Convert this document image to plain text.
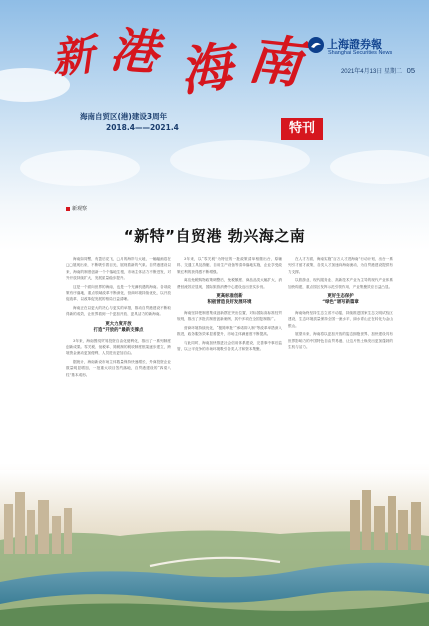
新 港 海 南 上海證券報
Shanghai Securities News
2021年4月13日 星期二 05
海南自贸区(港)建设3周年
2018.4——2021.4	特刊
新观察
“新特”自贸港 勃兴海之南

海南如同鹭，有盈后花飞，□月的海岸与大地，一幅幅画卷在□□展现出来，不断吸引着目光，展现着新的气象。自贸港建设以来，海南的制度创新一个个落地生根，市场主体活力不断迸发，对外开放持续扩大，发展质量稳步提升。

这是一个面向世界的海南，也是一个充满机遇的海南。各项政策有序落地，重点领域改革不断深化，营商环境持续优化，以开放促改革、以改革促发展的格局日益清晰。

海南正在以更大的决心与更实的举措，推动自贸港建设不断取得新的成效，让世界看到一个更加开放、更具活力的新海南。

更大力度开放
打造“开放的”最新支撑点

3年来，海南围绕贸易投资自由化便利化，推出了一系列制度创新成果。零关税、低税率、简税制的税收制度框架逐步建立，跨境资金流动更加便利，人员进出更加自由。

据统计，海南新设市场主体数量保持快速增长，外商投资企业数量明显增加，一批重大项目签约落地，自贸港建设的“四梁八柱”基本成形。

3年来，以“零关税”为特征的一批政策清单相继出台，原辅料、交通工具及游艇、自用生产设备等清单落地实施，企业享受政策红利的获得感不断增强。

离岛免税购物政策调整后，免税额度、商品品类大幅扩大，消费回流效应显现，国际旅游消费中心建设迈出坚实步伐。

更高标准创新
积极营造良好发展环境

海南坚持把制度集成创新摆在突出位置，对标国际高标准经贸规则，推出了多批次制度创新案例，其中多项在全国复制推广。

营商环境持续优化，“极简审批”“承诺即入制”等改革举措深入推进，政务服务效率显著提升，市场主体满意度不断提高。

与此同时，海南加快推进社会信用体系建设，完善事中事后监管，以公平竞争的市场环境吸引各类人才和资本集聚。

在人才方面，海南实施“百万人才进海南”行动计划，出台一系列引才留才政策，各类人才加速向海南流动，为自贸港建设提供有力支撑。

以旅游业、现代服务业、高新技术产业为主导的现代产业体系加快构建，重点园区发挥示范引领作用，产业集聚效应日益凸显。

更好生态保护
“绿色”谱写新篇章

海南始终坚持生态立省不动摇，持续推进国家生态文明试验区建设，生态环境质量保持全国一流水平，绿水青山正在转化为金山银山。

展望未来，海南将以更加开放的姿态拥抱世界，加快建设具有世界影响力的中国特色自由贸易港，让这片热土焕发出更加蓬勃的生机与活力。
